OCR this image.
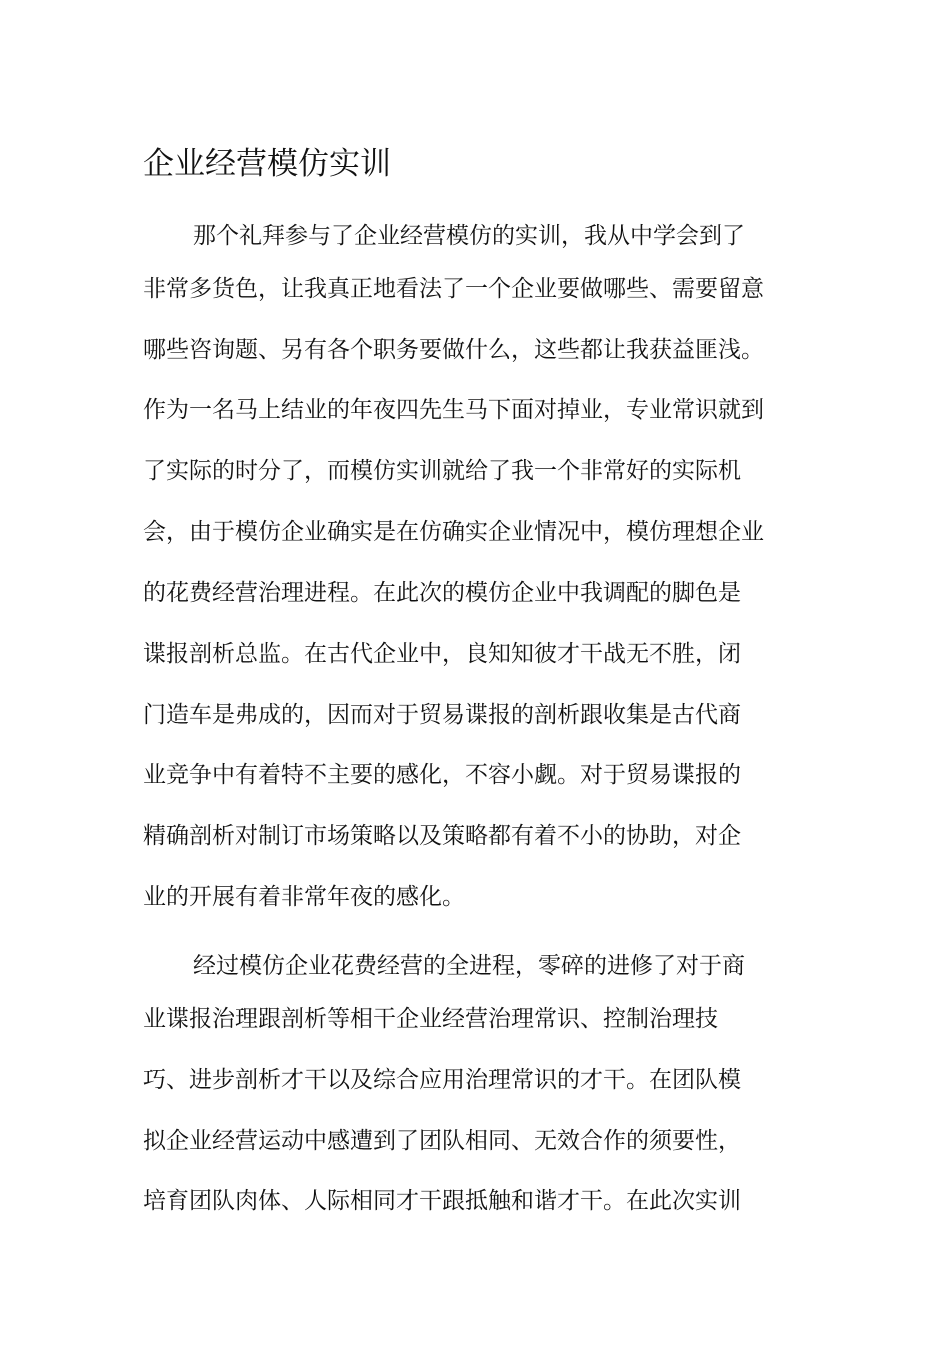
企业经营模仿实训

那个礼拜参与了企业经营模仿的实训，我从中学会到了

非常多货色，让我真正地看法了一个企业要做哪些、需要留意

哪些咨询题、另有各个职务要做什么，这些都让我获益匪浅。

作为一名马上结业的年夜四先生马下面对掉业，专业常识就到

了实际的时分了，而模仿实训就给了我一个非常好的实际机

会，由于模仿企业确实是在仿确实企业情况中，模仿理想企业

的花费经营治理进程。在此次的模仿企业中我调配的脚色是

谍报剖析总监。在古代企业中，良知知彼才干战无不胜，闭

门造车是弗成的，因而对于贸易谍报的剖析跟收集是古代商

业竞争中有着特不主要的感化，不容小觑。对于贸易谍报的

精确剖析对制订市场策略以及策略都有着不小的协助，对企

业的开展有着非常年夜的感化。

经过模仿企业花费经营的全进程，零碎的进修了对于商

业谍报治理跟剖析等相干企业经营治理常识、控制治理技

巧、进步剖析才干以及综合应用治理常识的才干。在团队模

拟企业经营运动中感遭到了团队相同、无效合作的须要性，

培育团队肉体、人际相同才干跟抵触和谐才干。在此次实训
